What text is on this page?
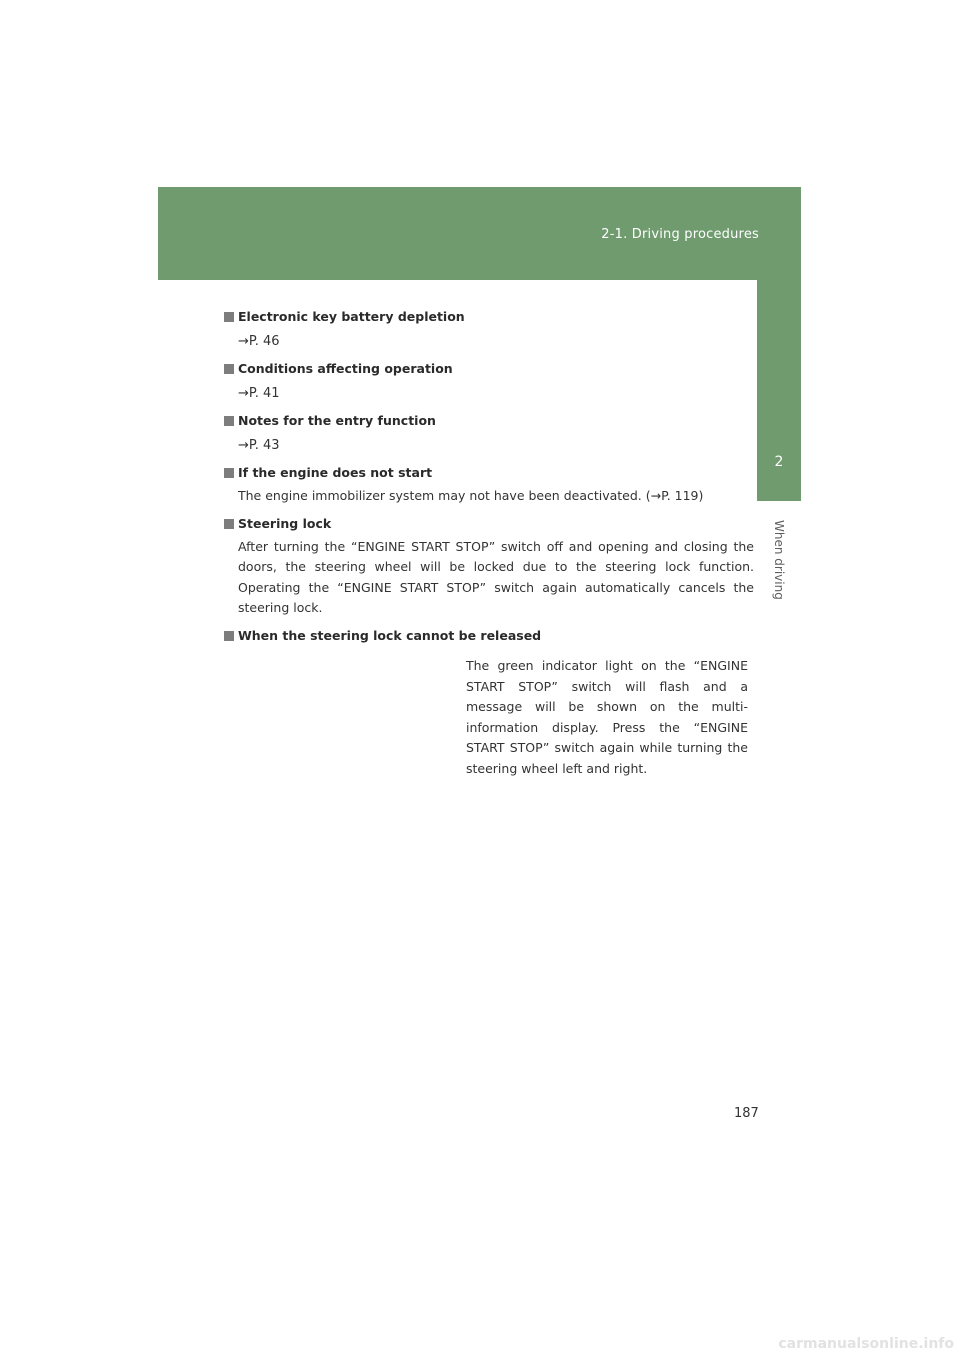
2-1. Driving procedures
2
When driving
Electronic key battery depletion
→P. 46
Conditions affecting operation
→P. 41
Notes for the entry function
→P. 43
If the engine does not start
The engine immobilizer system may not have been deactivated. (→P. 119)
Steering lock
After turning the “ENGINE START STOP” switch off and opening and closing the doors, the steering wheel will be locked due to the steering lock function. Operating the “ENGINE START STOP” switch again automatically cancels the steering lock.
When the steering lock cannot be released
The green indicator light on the “ENGINE START STOP” switch will flash and a message will be shown on the multi-information display. Press the “ENGINE START STOP” switch again while turning the steering wheel left and right.
187
carmanualsonline.info
